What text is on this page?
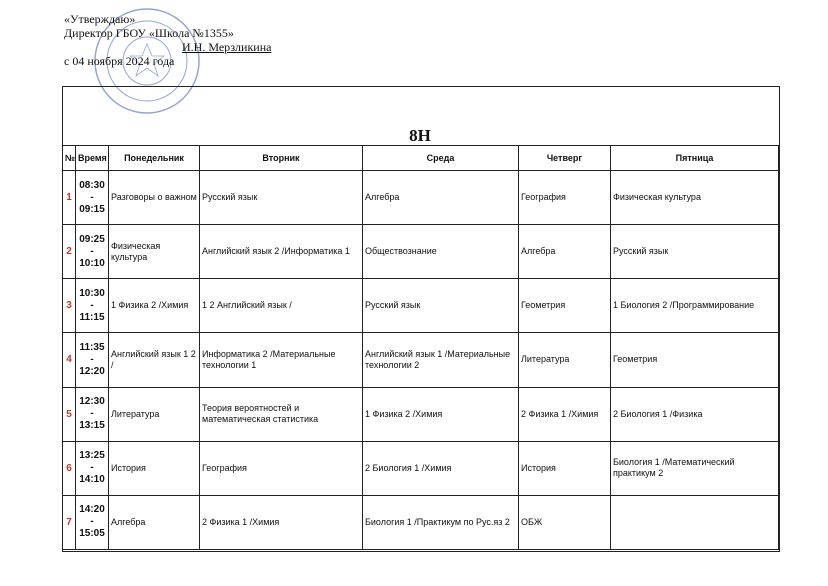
«Утверждаю»
Директор ГБОУ «Школа №1355»
И.Н. Мерзликина
с 04 ноября 2024 года
8Н
№	Время	Понедельник	Вторник	Среда	Четверг	Пятница
1	08:30 - 09:15	Разговоры о важном	Русский язык	Алгебра	География	Физическая культура
2	09:25 - 10:10	Физическая культура	Английский язык 2 /Информатика 1	Обществознание	Алгебра	Русский язык
3	10:30 - 11:15	1 Физика 2 /Химия	1 2 Английский язык /	Русский язык	Геометрия	1 Биология 2 /Программирование
4	11:35 - 12:20	Английский язык 1 2 /	Информатика 2 /Материальные технологии 1	Английский язык 1 /Материальные технологии 2	Литература	Геометрия
5	12:30 - 13:15	Литература	Теория вероятностей и математическая статистика	1 Физика 2 /Химия	2 Физика 1 /Химия	2 Биология 1 /Физика
6	13:25 - 14:10	История	География	2 Биология 1 /Химия	История	Биология 1 /Математический практикум 2
7	14:20 - 15:05	Алгебра	2 Физика 1 /Химия	Биология 1 /Практикум по Рус.яз 2	ОБЖ	
